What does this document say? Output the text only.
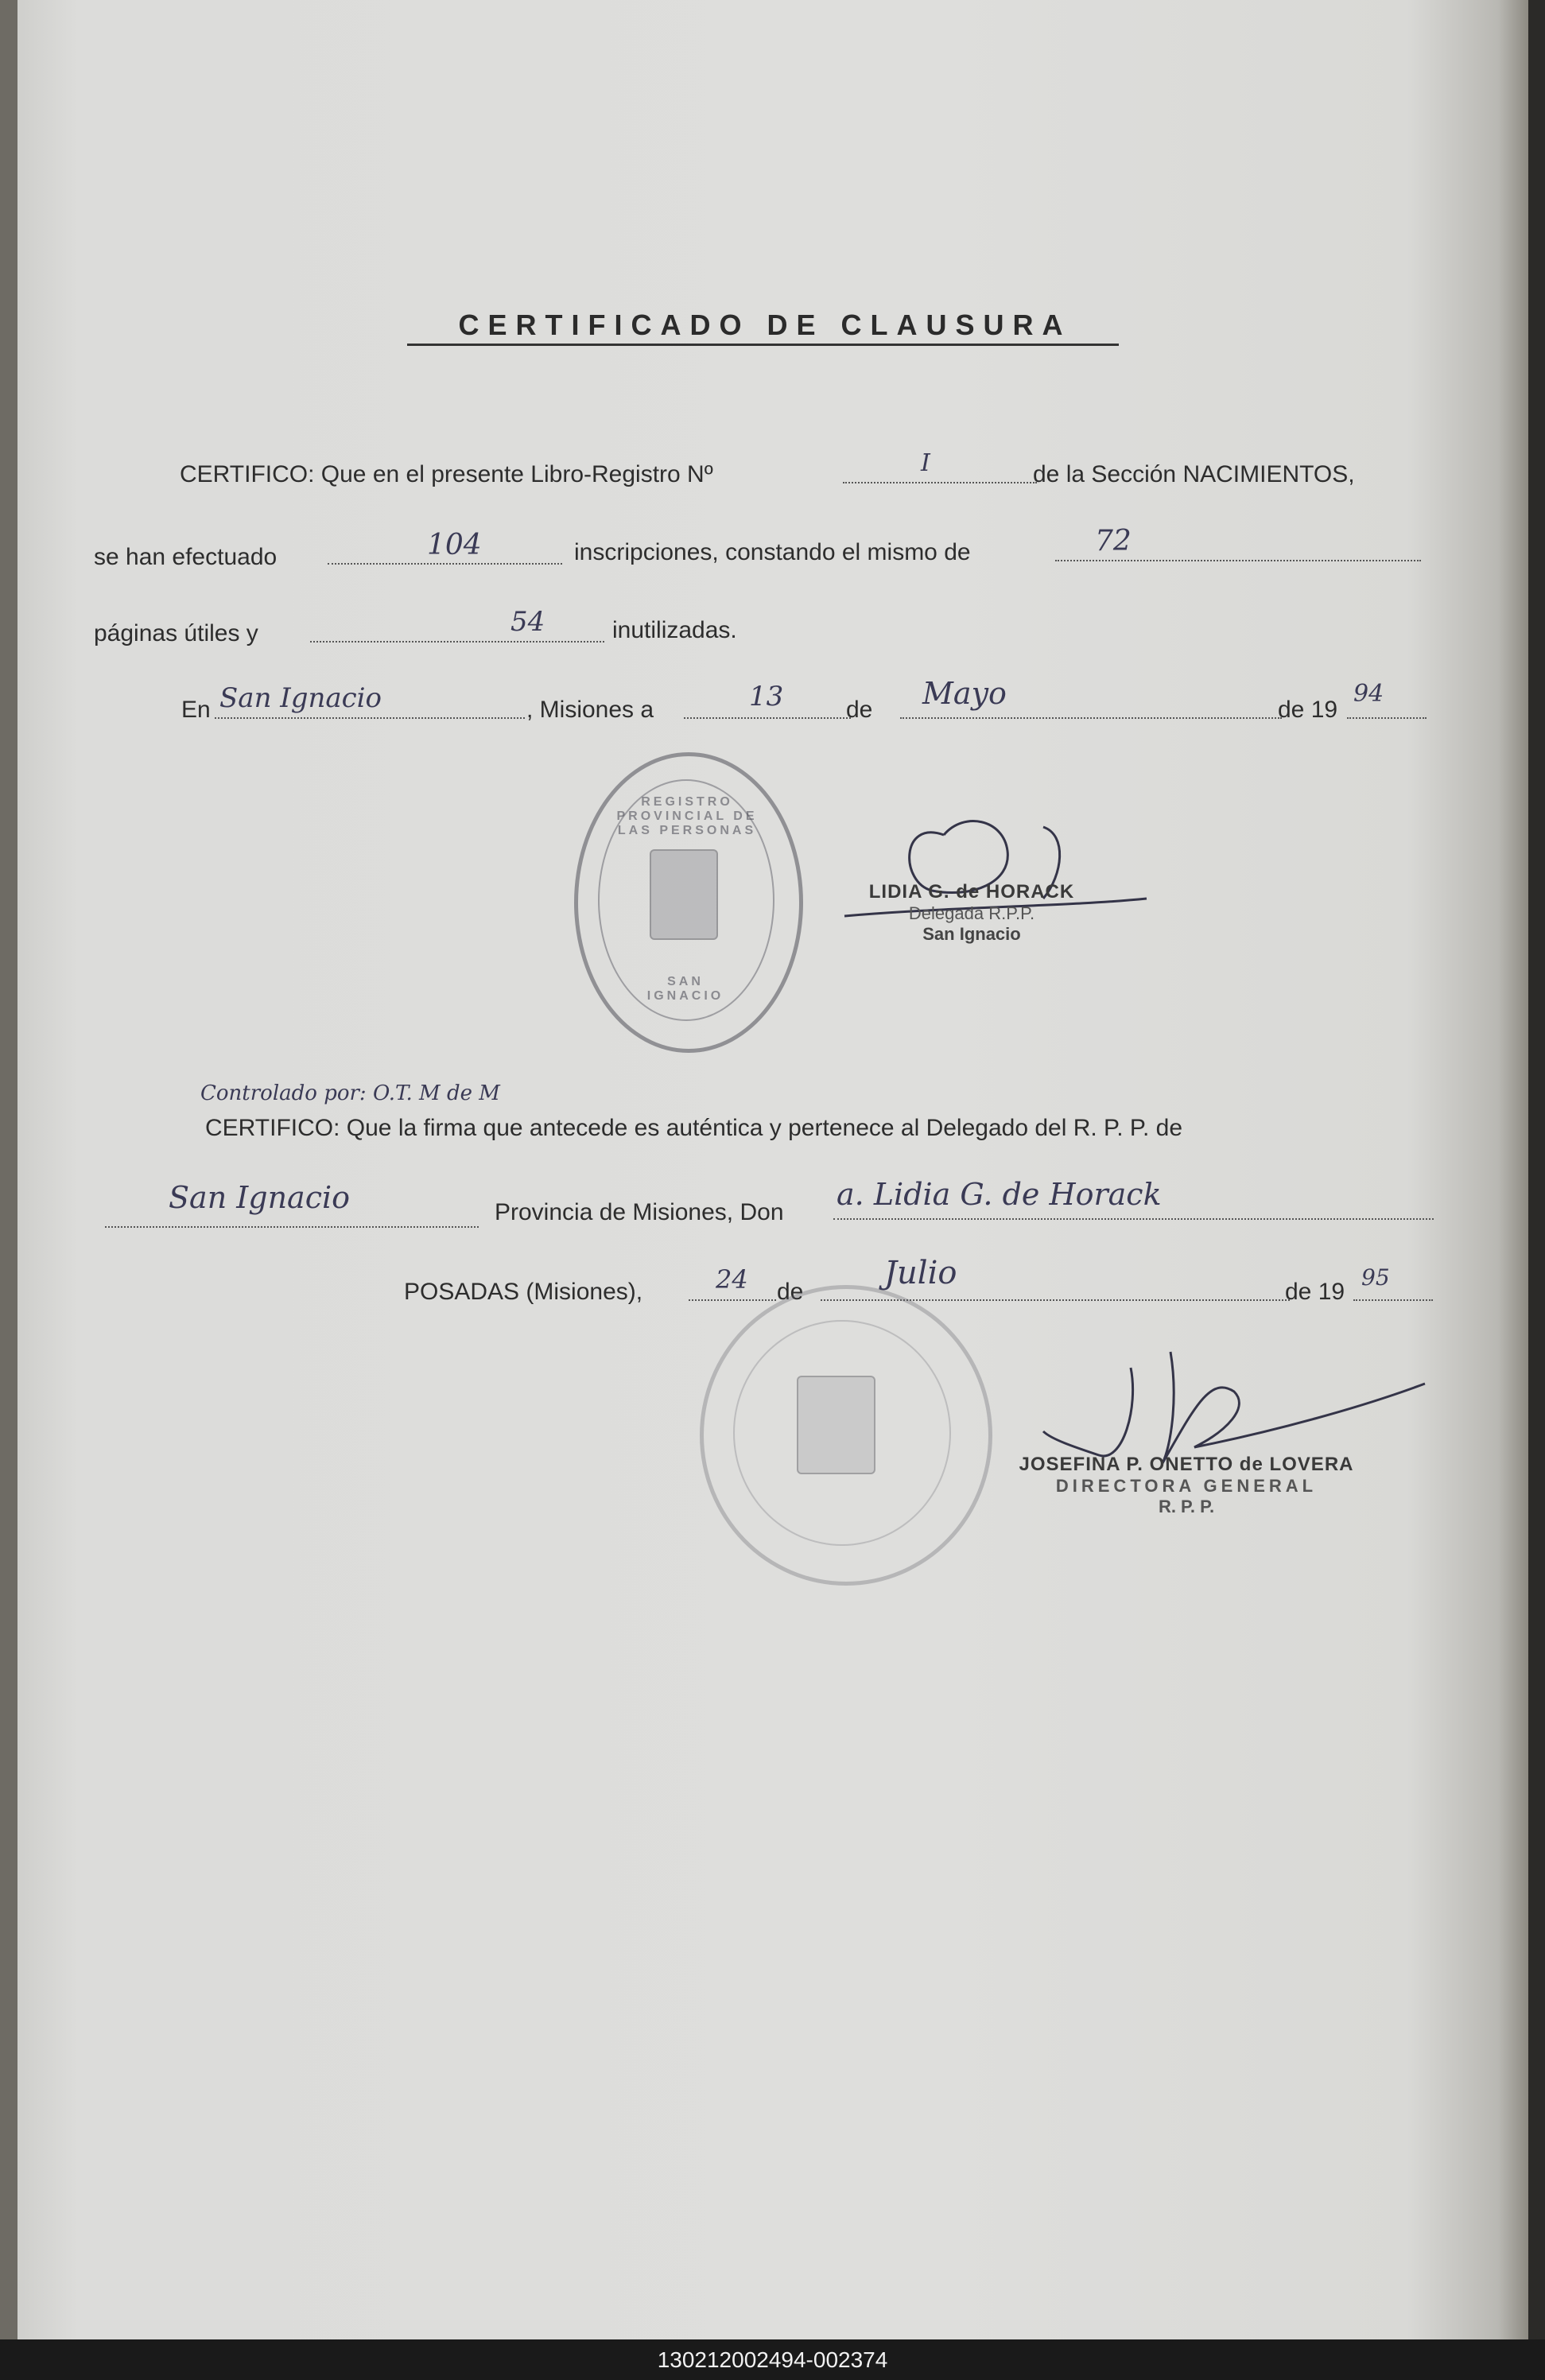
CERTIFICADO DE CLAUSURA
CERTIFICO: Que en el presente Libro-Registro Nº	I	de la Sección NACIMIENTOS,
se han efectuado	104	inscripciones, constando el mismo de	72
páginas útiles y	54	inutilizadas.
En San Ignacio	, Misiones a	13	de Mayo	de 19
94
REGISTRO PROVINCIAL DE LAS PERSONAS
SAN IGNACIO
LIDIA G. de HORACK
Delegada R.P.P.
San Ignacio
Controlado por: O.T. M de M
CERTIFICO: Que la firma que antecede es auténtica y pertenece al Delegado del R. P. P. de
San Ignacio	Provincia de Misiones, Don
a. Lidia G. de Horack
POSADAS (Misiones),	24 de
Julio
de 19
95
JOSEFINA P. ONETTO de LOVERA
DIRECTORA GENERAL
R. P. P.
130212002494-002374
